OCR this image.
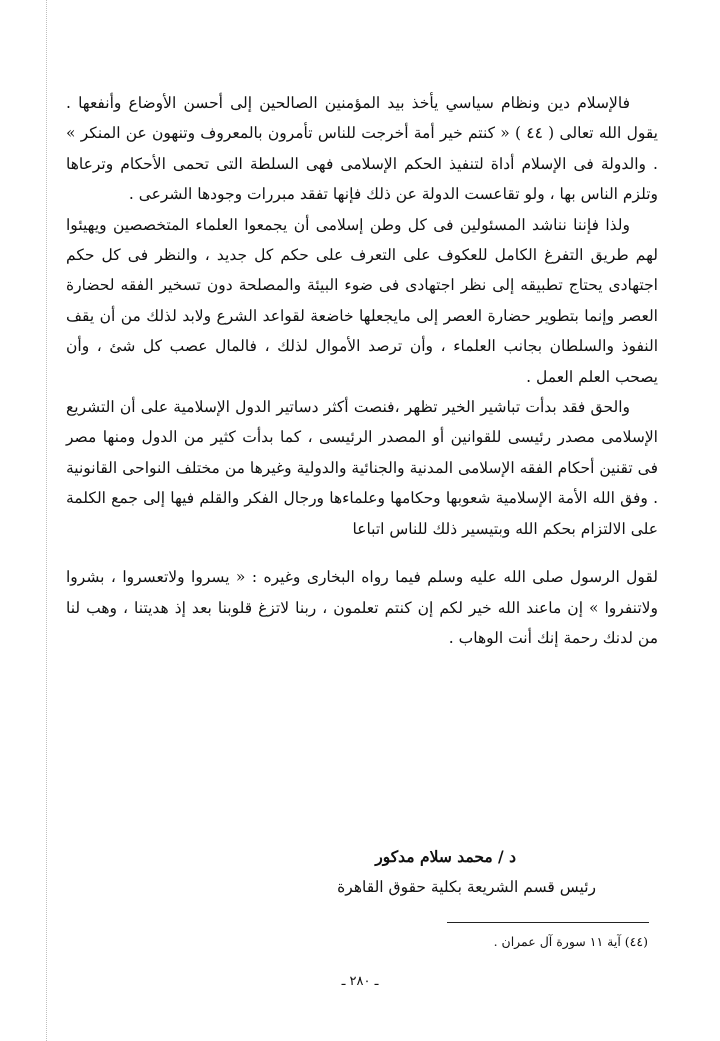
فالإسلام دين ونظام سياسي يأخذ بيد المؤمنين الصالحين إلى أحسن الأوضاع وأنفعها . يقول الله تعالى ( ٤٤ ) « كنتم خير أمة أخرجت للناس تأمرون بالمعروف وتنهون عن المنكر » . والدولة فى الإسلام أداة لتنفيذ الحكم الإسلامى فهى السلطة التى تحمى الأحكام وترعاها وتلزم الناس بها ، ولو تقاعست الدولة عن ذلك فإنها تفقد مبررات وجودها الشرعى .

ولذا فإننا نناشد المسئولين فى كل وطن إسلامى أن يجمعوا العلماء المتخصصين ويهيئوا لهم طريق التفرغ الكامل للعكوف على التعرف على حكم كل جديد ، والنظر فى كل حكم اجتهادى يحتاج تطبيقه إلى نظر اجتهادى فى ضوء البيئة والمصلحة دون تسخير الفقه لحضارة العصر وإنما بتطوير حضارة العصر إلى مايجعلها خاضعة لقواعد الشرع ولابد لذلك من أن يقف النفوذ والسلطان بجانب العلماء ، وأن ترصد الأموال لذلك ، فالمال عصب كل شئ ، وأن يصحب العلم العمل .

والحق فقد بدأت تباشير الخير تظهر ،فنصت أكثر دساتير الدول الإسلامية على أن التشريع الإسلامى مصدر رئيسى للقوانين أو المصدر الرئيسى ، كما بدأت كثير من الدول ومنها مصر فى تقنين أحكام الفقه الإسلامى المدنية والجنائية والدولية وغيرها من مختلف النواحى القانونية . وفق الله الأمة الإسلامية شعوبها وحكامها وعلماءها ورجال الفكر والقلم فيها إلى جمع الكلمة على الالتزام بحكم الله وبتيسير ذلك للناس اتباعا

لقول الرسول صلى الله عليه وسلم فيما رواه البخارى وغيره : « يسروا ولاتعسروا ، بشروا ولاتنفروا » إن ماعند الله خير لكم إن كنتم تعلمون ، ربنا لاتزغ قلوبنا بعد إذ هديتنا ، وهب لنا من لدنك رحمة إنك أنت الوهاب .

د / محمد سلام مدكور
رئيس قسم الشريعة بكلية حقوق القاهرة
(٤٤) آية ١١ سورة آل عمران .
ـ ٢٨٠ ـ
